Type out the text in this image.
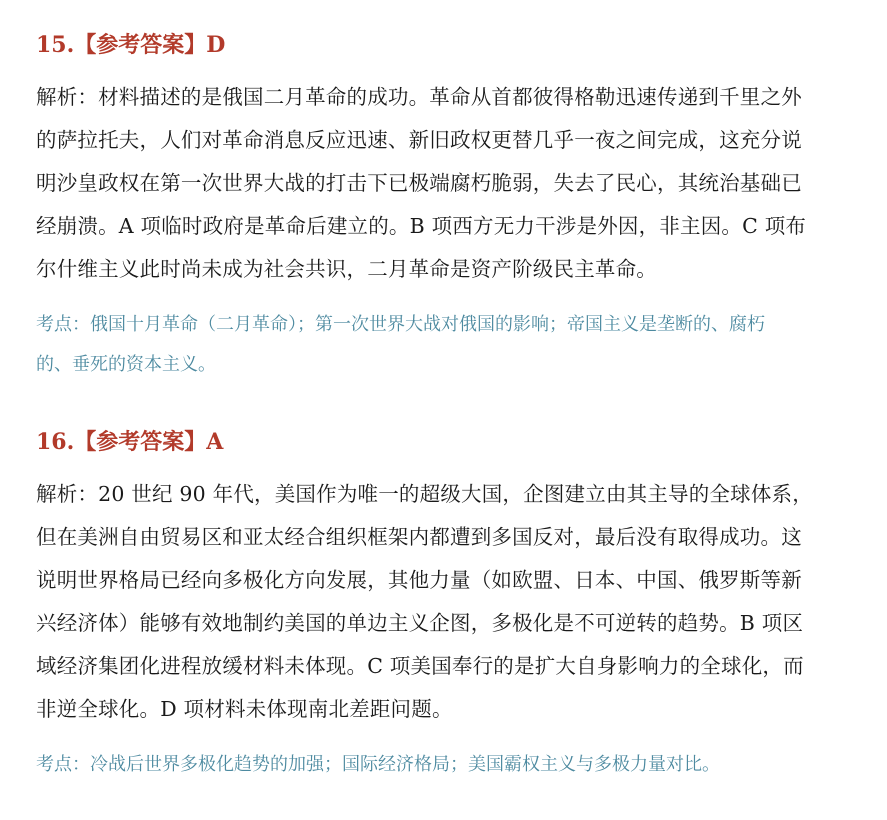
15.【参考答案】D
解析：材料描述的是俄国二月革命的成功。革命从首都彼得格勒迅速传递到千里之外
的萨拉托夫，人们对革命消息反应迅速、新旧政权更替几乎一夜之间完成，这充分说
明沙皇政权在第一次世界大战的打击下已极端腐朽脆弱，失去了民心，其统治基础已
经崩溃。A 项临时政府是革命后建立的。B 项西方无力干涉是外因，非主因。C 项布
尔什维主义此时尚未成为社会共识，二月革命是资产阶级民主革命。
考点：俄国十月革命（二月革命）；第一次世界大战对俄国的影响；帝国主义是垄断的、腐朽
的、垂死的资本主义。
16.【参考答案】A
解析：20 世纪 90 年代，美国作为唯一的超级大国，企图建立由其主导的全球体系，
但在美洲自由贸易区和亚太经合组织框架内都遭到多国反对，最后没有取得成功。这
说明世界格局已经向多极化方向发展，其他力量（如欧盟、日本、中国、俄罗斯等新
兴经济体）能够有效地制约美国的单边主义企图，多极化是不可逆转的趋势。B 项区
域经济集团化进程放缓材料未体现。C 项美国奉行的是扩大自身影响力的全球化，而
非逆全球化。D 项材料未体现南北差距问题。
考点：冷战后世界多极化趋势的加强；国际经济格局；美国霸权主义与多极力量对比。
